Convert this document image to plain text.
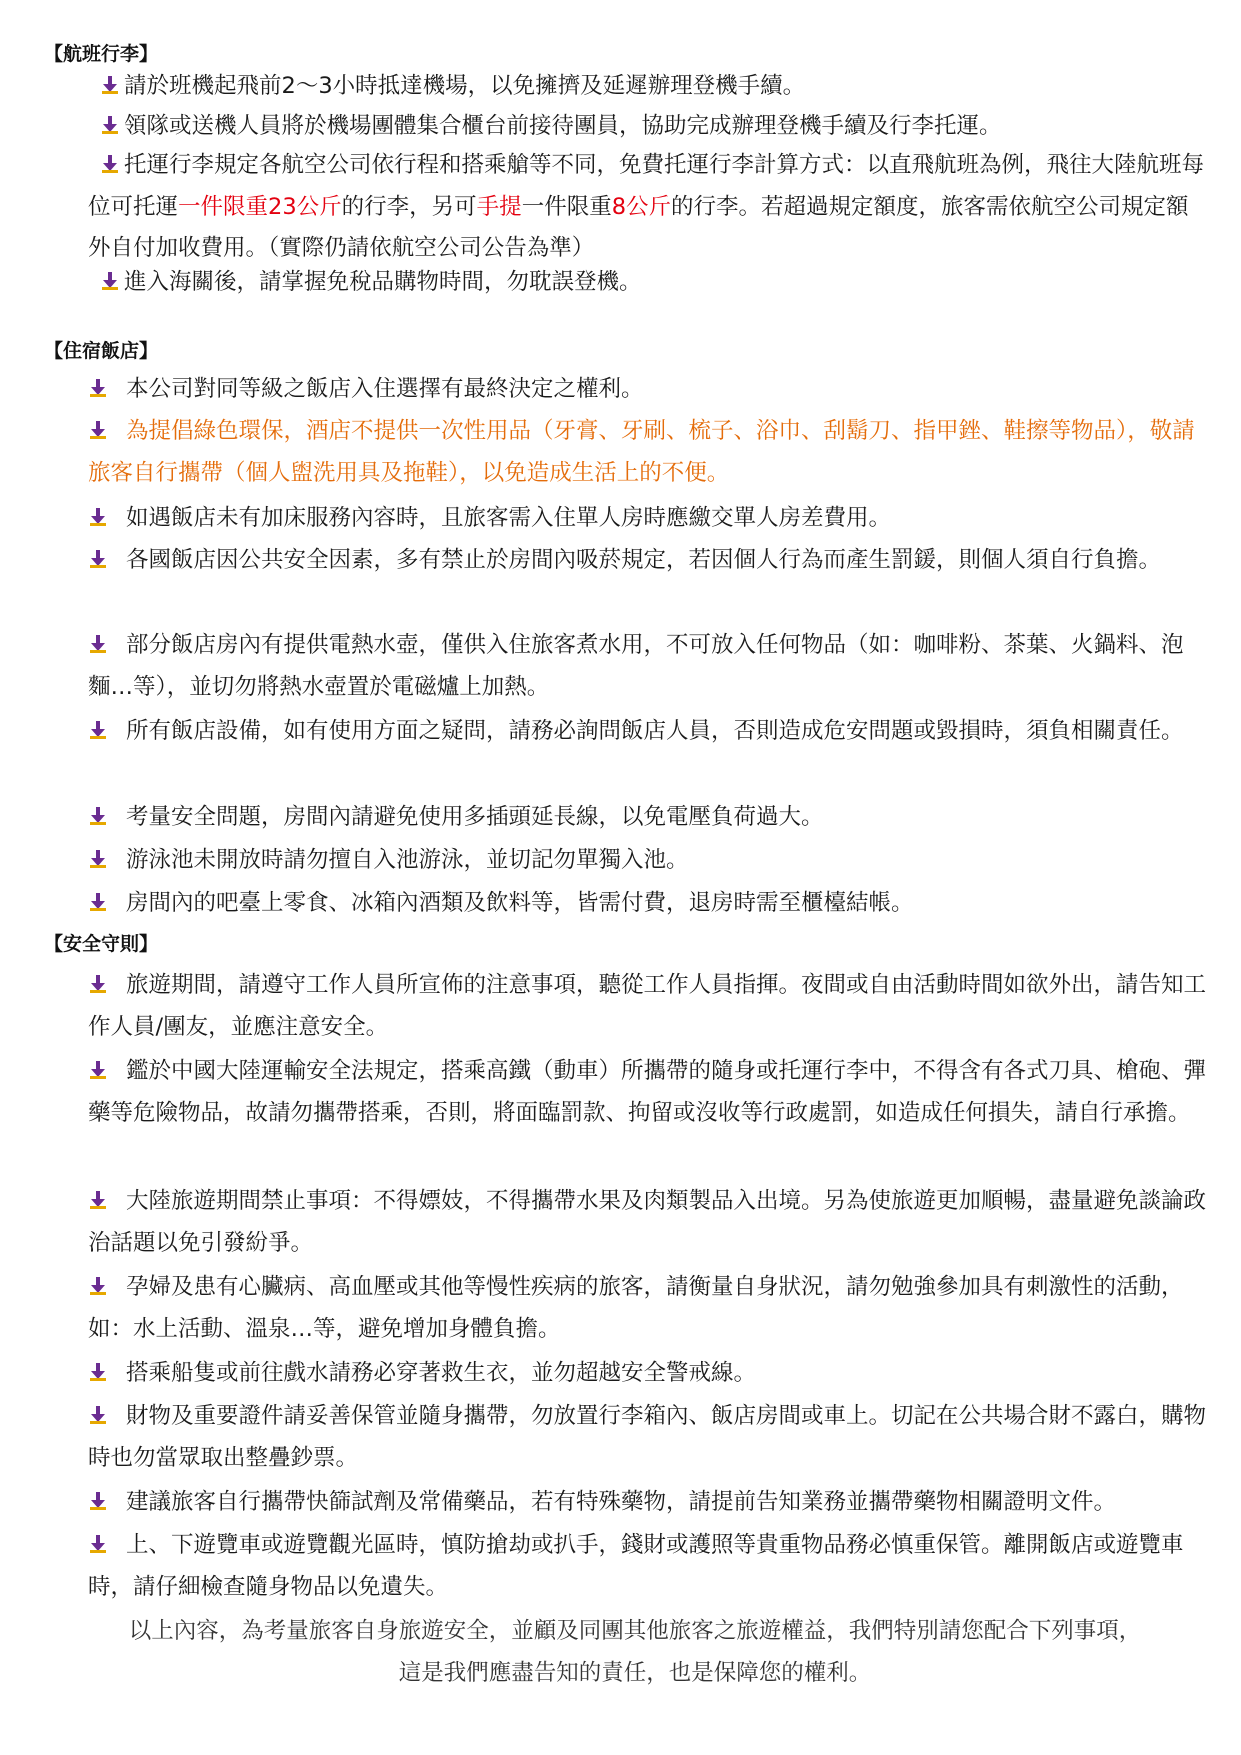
【航班行李】
請於班機起飛前2～3小時抵達機場，以免擁擠及延遲辦理登機手續。
領隊或送機人員將於機場團體集合櫃台前接待團員，協助完成辦理登機手續及行李托運。
托運行李規定各航空公司依行程和搭乘艙等不同，免費托運行李計算方式：以直飛航班為例，飛往大陸航班每位可托運一件限重23公斤的行李，另可手提一件限重8公斤的行李。若超過規定額度，旅客需依航空公司規定額外自付加收費用。（實際仍請依航空公司公告為準）
進入海關後，請掌握免稅品購物時間，勿耽誤登機。
【住宿飯店】
本公司對同等級之飯店入住選擇有最終決定之權利。
為提倡綠色環保，酒店不提供一次性用品（牙膏、牙刷、梳子、浴巾、刮鬍刀、指甲銼、鞋擦等物品），敬請旅客自行攜帶（個人盥洗用具及拖鞋），以免造成生活上的不便。
如遇飯店未有加床服務內容時，且旅客需入住單人房時應繳交單人房差費用。
各國飯店因公共安全因素，多有禁止於房間內吸菸規定，若因個人行為而產生罰鍰，則個人須自行負擔。
部分飯店房內有提供電熱水壺，僅供入住旅客煮水用，不可放入任何物品（如：咖啡粉、茶葉、火鍋料、泡麵…等），並切勿將熱水壺置於電磁爐上加熱。
所有飯店設備，如有使用方面之疑問，請務必詢問飯店人員，否則造成危安問題或毀損時，須負相關責任。
考量安全問題，房間內請避免使用多插頭延長線，以免電壓負荷過大。
游泳池未開放時請勿擅自入池游泳，並切記勿單獨入池。
房間內的吧臺上零食、冰箱內酒類及飲料等，皆需付費，退房時需至櫃檯結帳。
【安全守則】
旅遊期間，請遵守工作人員所宣佈的注意事項，聽從工作人員指揮。夜間或自由活動時間如欲外出，請告知工作人員/團友，並應注意安全。
鑑於中國大陸運輸安全法規定，搭乘高鐵（動車）所攜帶的隨身或托運行李中，不得含有各式刀具、槍砲、彈藥等危險物品，故請勿攜帶搭乘，否則，將面臨罰款、拘留或沒收等行政處罰，如造成任何損失，請自行承擔。
大陸旅遊期間禁止事項：不得嫖妓，不得攜帶水果及肉類製品入出境。另為使旅遊更加順暢，盡量避免談論政治話題以免引發紛爭。
孕婦及患有心臟病、高血壓或其他等慢性疾病的旅客，請衡量自身狀況，請勿勉強參加具有刺激性的活動，如：水上活動、溫泉…等，避免增加身體負擔。
搭乘船隻或前往戲水請務必穿著救生衣，並勿超越安全警戒線。
財物及重要證件請妥善保管並隨身攜帶，勿放置行李箱內、飯店房間或車上。切記在公共場合財不露白，購物時也勿當眾取出整疊鈔票。
建議旅客自行攜帶快篩試劑及常備藥品，若有特殊藥物，請提前告知業務並攜帶藥物相關證明文件。
上、下遊覽車或遊覽觀光區時，慎防搶劫或扒手，錢財或護照等貴重物品務必慎重保管。離開飯店或遊覽車時，請仔細檢查隨身物品以免遺失。
以上內容，為考量旅客自身旅遊安全，並顧及同團其他旅客之旅遊權益，我們特別請您配合下列事項，
這是我們應盡告知的責任，也是保障您的權利。
